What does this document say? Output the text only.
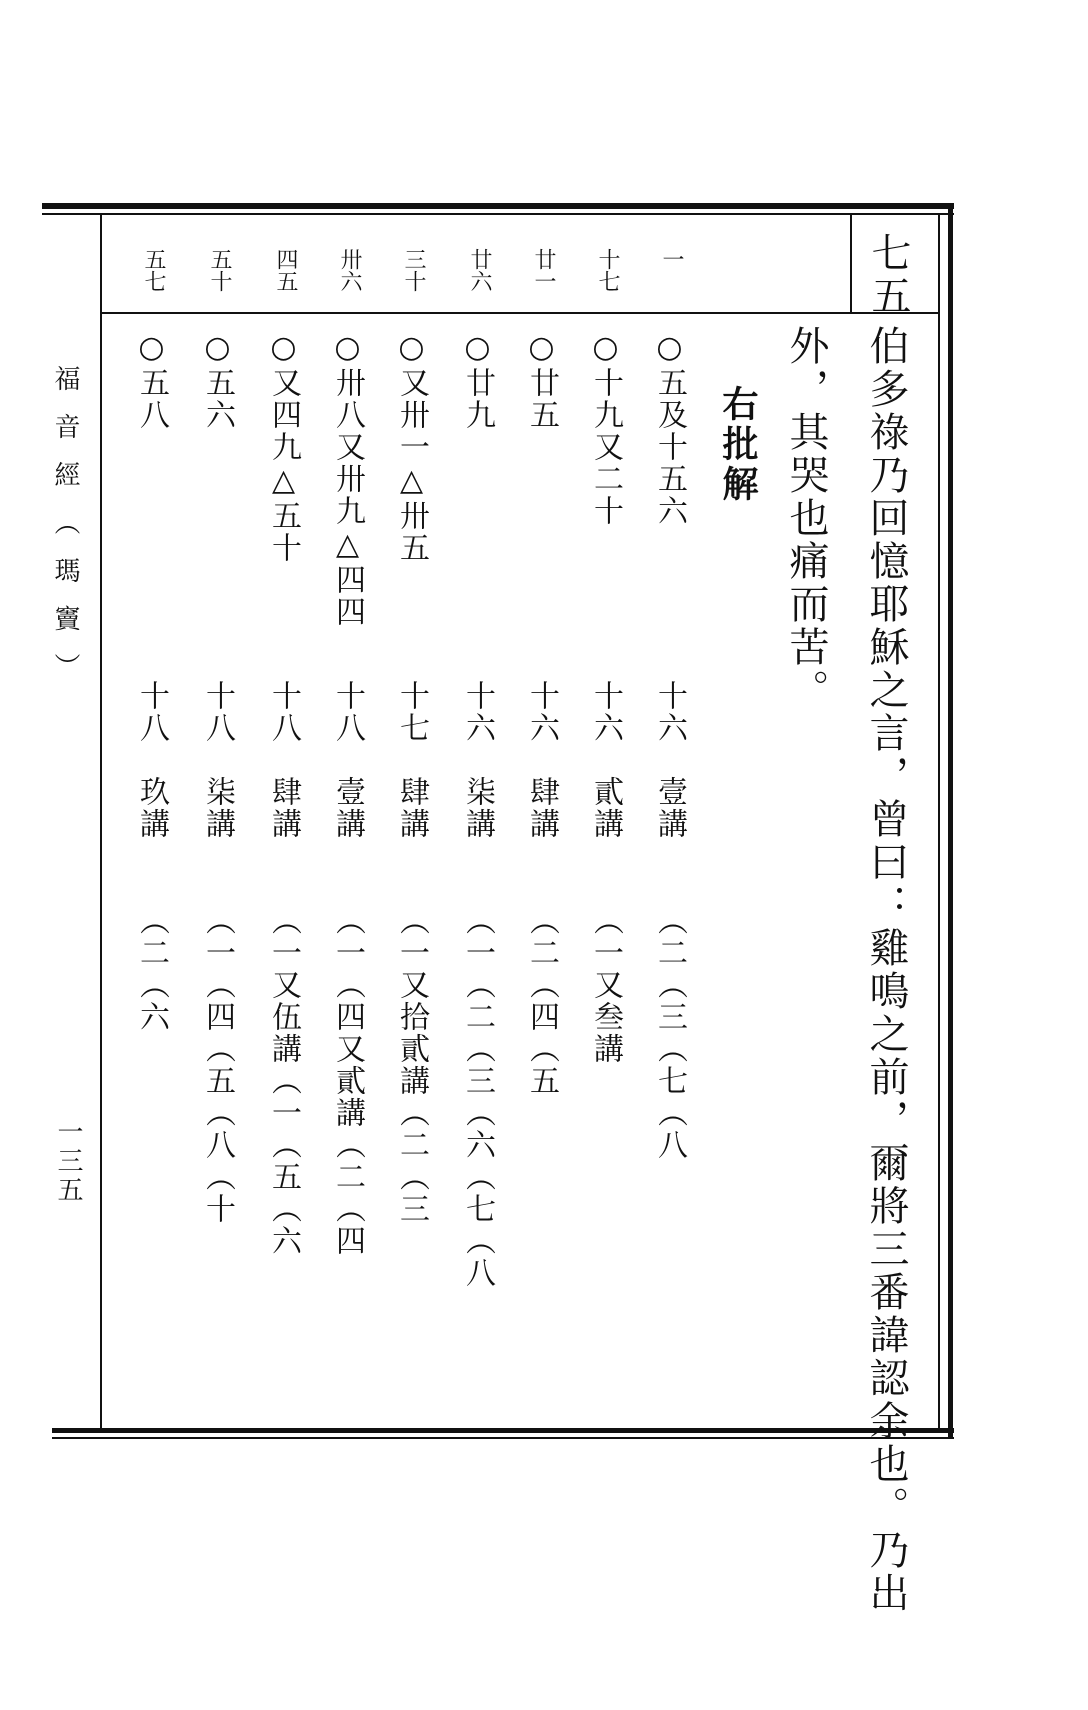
七五
伯多祿乃回憶耶穌之言，曾曰：雞鳴之前，爾將三番諱認余也。乃出
外，其哭也痛而苦。
右批解
一
○五及十五六
十六　壹講
（二（三（七（八
十七
○十九又二十
十六　貳講
（一又叁講
廿一
○廿五
十六　肆講
（二（四（五
廿六
○廿九
十六　柒講
（一（二（三（六（七（八
三十
○又卅一△卅五
十七　肆講
（一又拾貳講（二（三
卅六
○卅八又卅九△四四
十八　壹講
（一（四又貳講（二（四
四五
○又四九△五十
十八　肆講
（一又伍講（一（五（六
五十
○五六
十八　柒講
（一（四（五（八（十
五七
○五八
十八　玖講
（二（六
福音經（瑪竇）
一三五
